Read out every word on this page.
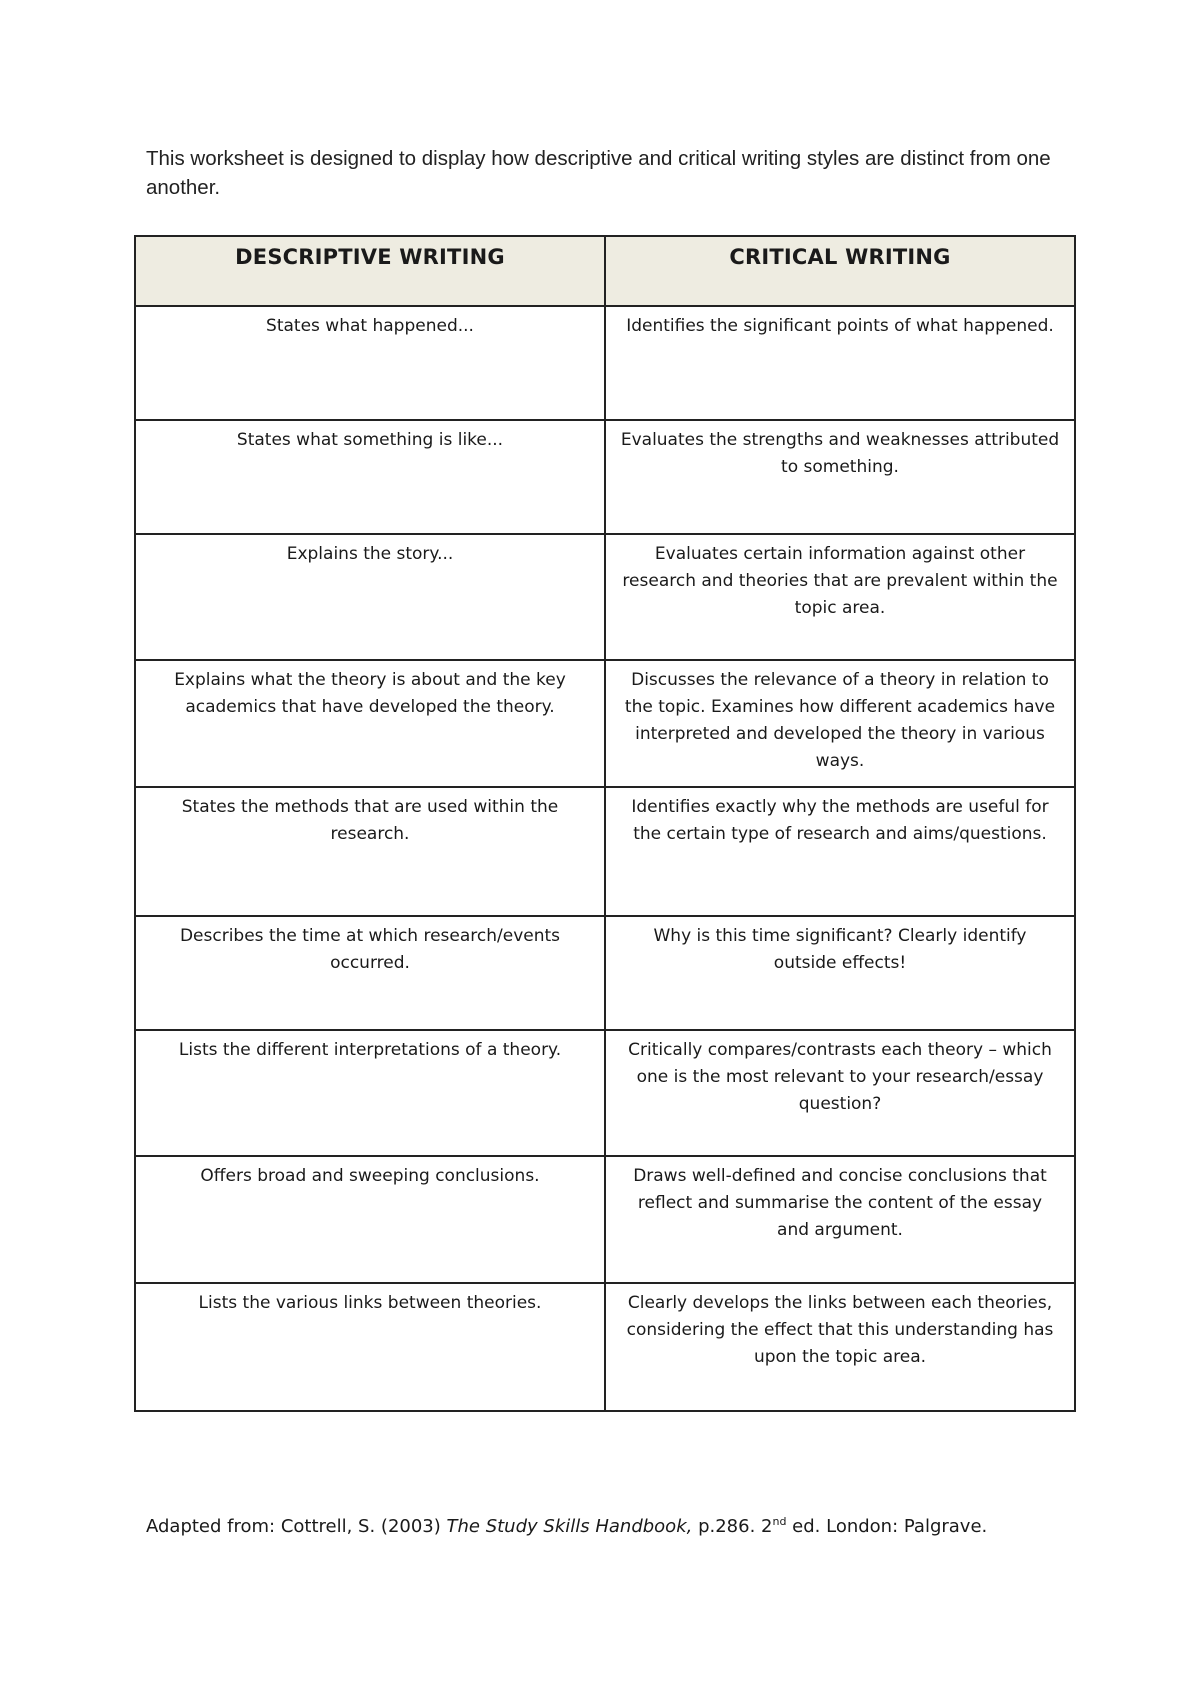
This worksheet is designed to display how descriptive and critical writing styles are distinct from one another.

DESCRIPTIVE WRITING	CRITICAL WRITING
States what happened...	Identifies the significant points of what happened.
States what something is like...	Evaluates the strengths and weaknesses attributed to something.
Explains the story...	Evaluates certain information against other research and theories that are prevalent within the topic area.
Explains what the theory is about and the key academics that have developed the theory.	Discusses the relevance of a theory in relation to the topic. Examines how different academics have interpreted and developed the theory in various ways.
States the methods that are used within the research.	Identifies exactly why the methods are useful for the certain type of research and aims/questions.
Describes the time at which research/events occurred.	Why is this time significant? Clearly identify outside effects!
Lists the different interpretations of a theory.	Critically compares/contrasts each theory – which one is the most relevant to your research/essay question?
Offers broad and sweeping conclusions.	Draws well-defined and concise conclusions that reflect and summarise the content of the essay and argument.
Lists the various links between theories.	Clearly develops the links between each theories, considering the effect that this understanding has upon the topic area.

Adapted from: Cottrell, S. (2003) The Study Skills Handbook, p.286. 2nd ed. London: Palgrave.
